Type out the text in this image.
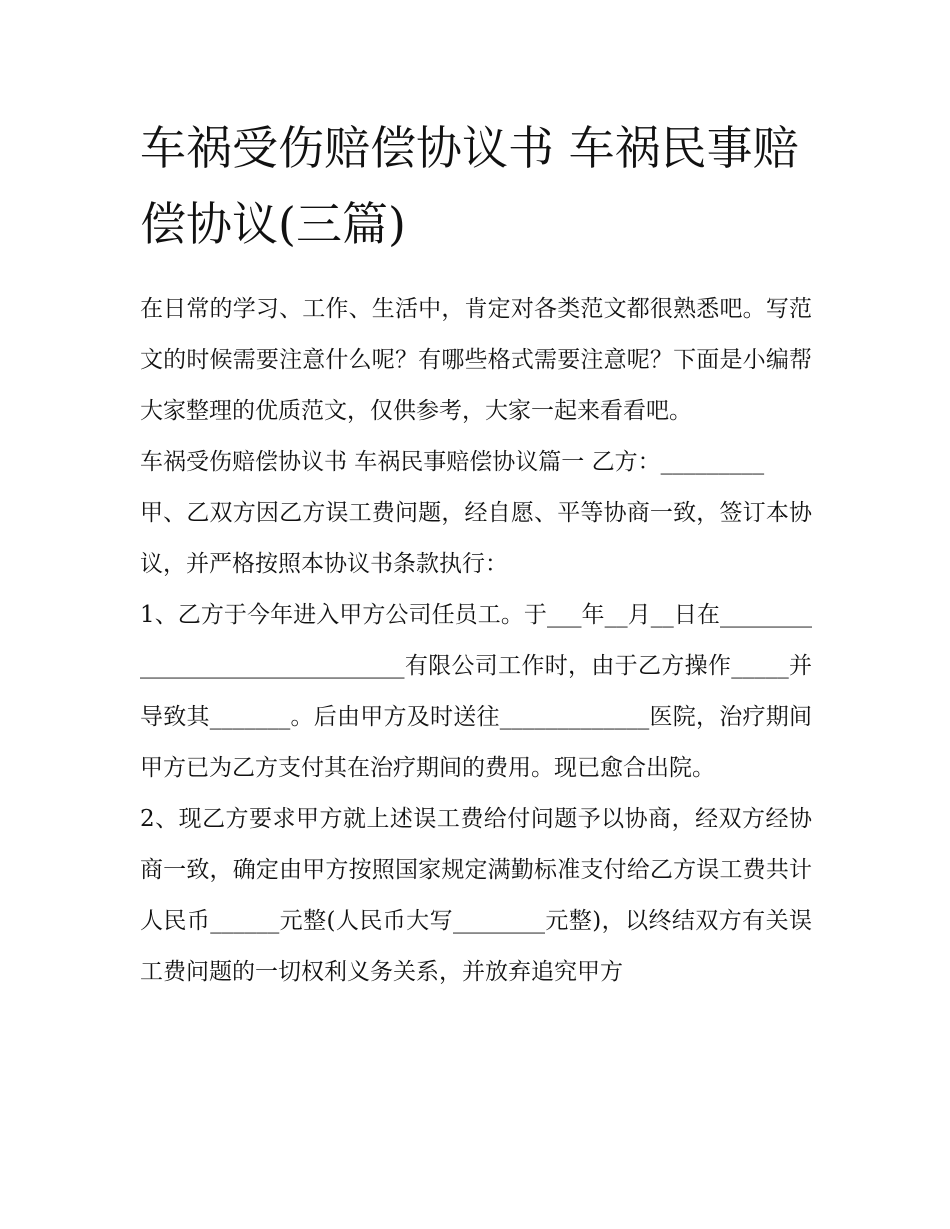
车祸受伤赔偿协议书 车祸民事赔偿协议(三篇)

在日常的学习、工作、生活中，肯定对各类范文都很熟悉吧。写范文的时候需要注意什么呢？有哪些格式需要注意呢？下面是小编帮大家整理的优质范文，仅供参考，大家一起来看看吧。

车祸受伤赔偿协议书 车祸民事赔偿协议篇一 乙方：_________

甲、乙双方因乙方误工费问题，经自愿、平等协商一致，签订本协议，并严格按照本协议书条款执行：

1、乙方于今年进入甲方公司任员工。于___年__月__日在_______________________________有限公司工作时，由于乙方操作_____并导致其_______。后由甲方及时送往_____________医院，治疗期间甲方已为乙方支付其在治疗期间的费用。现已愈合出院。

2、现乙方要求甲方就上述误工费给付问题予以协商，经双方经协商一致，确定由甲方按照国家规定满勤标准支付给乙方误工费共计人民币______元整(人民币大写________元整)，以终结双方有关误工费问题的一切权利义务关系，并放弃追究甲方
